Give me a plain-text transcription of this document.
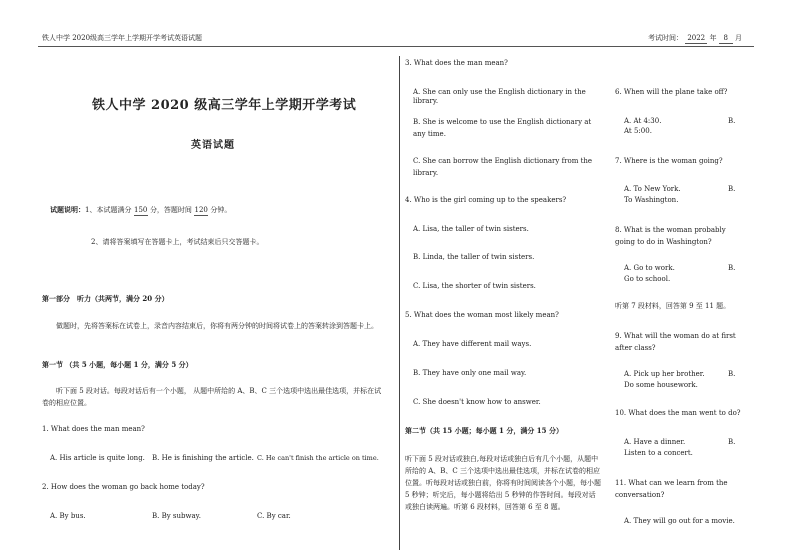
铁人中学 2020级高三学年上学期开学考试英语试题	考试时间： 2022 年 8 月
铁人中学 2020 级高三学年上学期开学考试
英语试题
试题说明：1、本试题满分 150 分，答题时间 120 分钟。
2、请将答案填写在答题卡上，考试结束后只交答题卡。
第一部分　听力（共两节，满分 20 分）
做题时，先将答案标在试卷上，录音内容结束后，你将有两分钟的时间将试卷上的答案转涂到答题卡上。
第一节 （共 5 小题，每小题 1 分，满分 5 分）
听下面 5 段对话。每段对话后有一个小题， 从题中所给的 A、B、C 三个选项中选出最佳选项，并标在试卷的相应位置。
1. What does the man mean?
A. His article is quite long. B. He is finishing the article. C. He can't finish the article on time.
2. How does the woman go back home today?
A. By bus.	B. By subway.	C. By car.
3. What does the man mean?
A. She can only use the English dictionary in the library.
B. She is welcome to use the English dictionary at any time.
C. She can borrow the English dictionary from the library.
4. Who is the girl coming up to the speakers?
A. Lisa, the taller of twin sisters.
B. Linda, the taller of twin sisters.
C. Lisa, the shorter of twin sisters.
5. What does the woman most likely mean?
A. They have different mail ways.
B. They have only one mail way.
C. She doesn't know how to answer.
第二节（共 15 小题；每小题 1 分，满分 15 分）
听下面 5 段对话或独白,每段对话或独白后有几个小题，从题中所给的 A、B、C 三个选项中选出最佳选项，并标在试卷的相应位置。听每段对话或独白前，你将有时间阅读各个小题，每小题 5 秒钟；听完后，每小题将给出 5 秒钟的作答时间。每段对话或独白读两遍。听第 6 段材料，回答第 6 至 8 题。
6. When will the plane take off?
A. At 4:30.	B.
At 5:00.
7. Where is the woman going?
A. To New York.	B.
To Washington.
8. What is the woman probably going to do in Washington?
A. Go to work.	B.
Go to school.
听第 7 段材料，回答第 9 至 11 题。
9. What will the woman do at first after class?
A. Pick up her brother.	B.
Do some housework.
10. What does the man went to do?
A. Have a dinner.	B.
Listen to a concert.
11. What can we learn from the conversation?
A. They will go out for a movie.
